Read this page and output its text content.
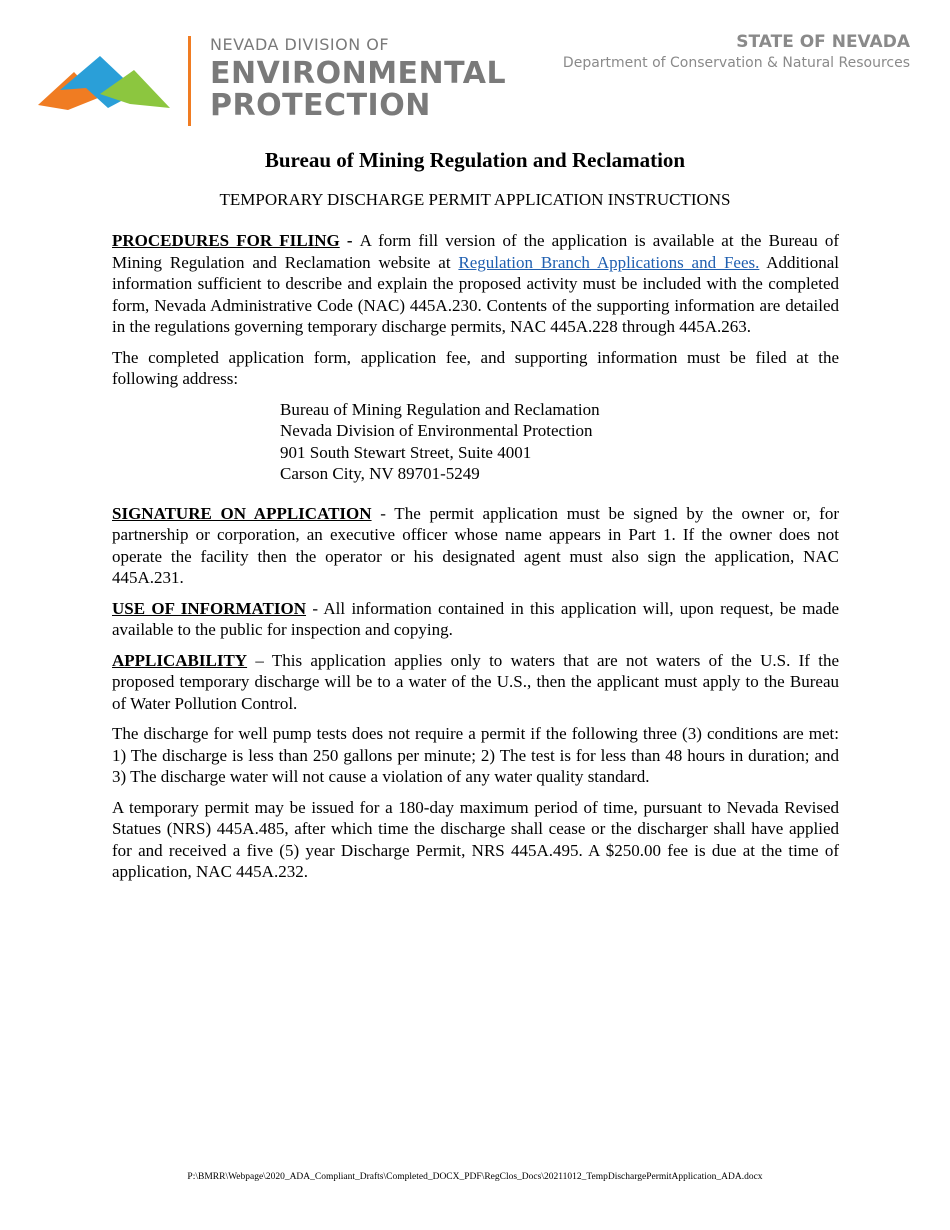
NEVADA DIVISION OF
ENVIRONMENTAL
PROTECTION
STATE OF NEVADA
Department of Conservation & Natural Resources
Bureau of Mining Regulation and Reclamation
TEMPORARY DISCHARGE PERMIT APPLICATION INSTRUCTIONS

PROCEDURES FOR FILING - A form fill version of the application is available at the Bureau of Mining Regulation and Reclamation website at Regulation Branch Applications and Fees. Additional information sufficient to describe and explain the proposed activity must be included with the completed form, Nevada Administrative Code (NAC) 445A.230. Contents of the supporting information are detailed in the regulations governing temporary discharge permits, NAC 445A.228 through 445A.263.

The completed application form, application fee, and supporting information must be filed at the following address:

Bureau of Mining Regulation and Reclamation
Nevada Division of Environmental Protection
901 South Stewart Street, Suite 4001
Carson City, NV 89701-5249

SIGNATURE ON APPLICATION - The permit application must be signed by the owner or, for partnership or corporation, an executive officer whose name appears in Part 1. If the owner does not operate the facility then the operator or his designated agent must also sign the application, NAC 445A.231.

USE OF INFORMATION - All information contained in this application will, upon request, be made available to the public for inspection and copying.

APPLICABILITY – This application applies only to waters that are not waters of the U.S. If the proposed temporary discharge will be to a water of the U.S., then the applicant must apply to the Bureau of Water Pollution Control.

The discharge for well pump tests does not require a permit if the following three (3) conditions are met: 1) The discharge is less than 250 gallons per minute; 2) The test is for less than 48 hours in duration; and 3) The discharge water will not cause a violation of any water quality standard.

A temporary permit may be issued for a 180-day maximum period of time, pursuant to Nevada Revised Statues (NRS) 445A.485, after which time the discharge shall cease or the discharger shall have applied for and received a five (5) year Discharge Permit, NRS 445A.495. A $250.00 fee is due at the time of application, NAC 445A.232.

P:\BMRR\Webpage\2020_ADA_Compliant_Drafts\Completed_DOCX_PDF\RegClos_Docs\20211012_TempDischargePermitApplication_ADA.docx
